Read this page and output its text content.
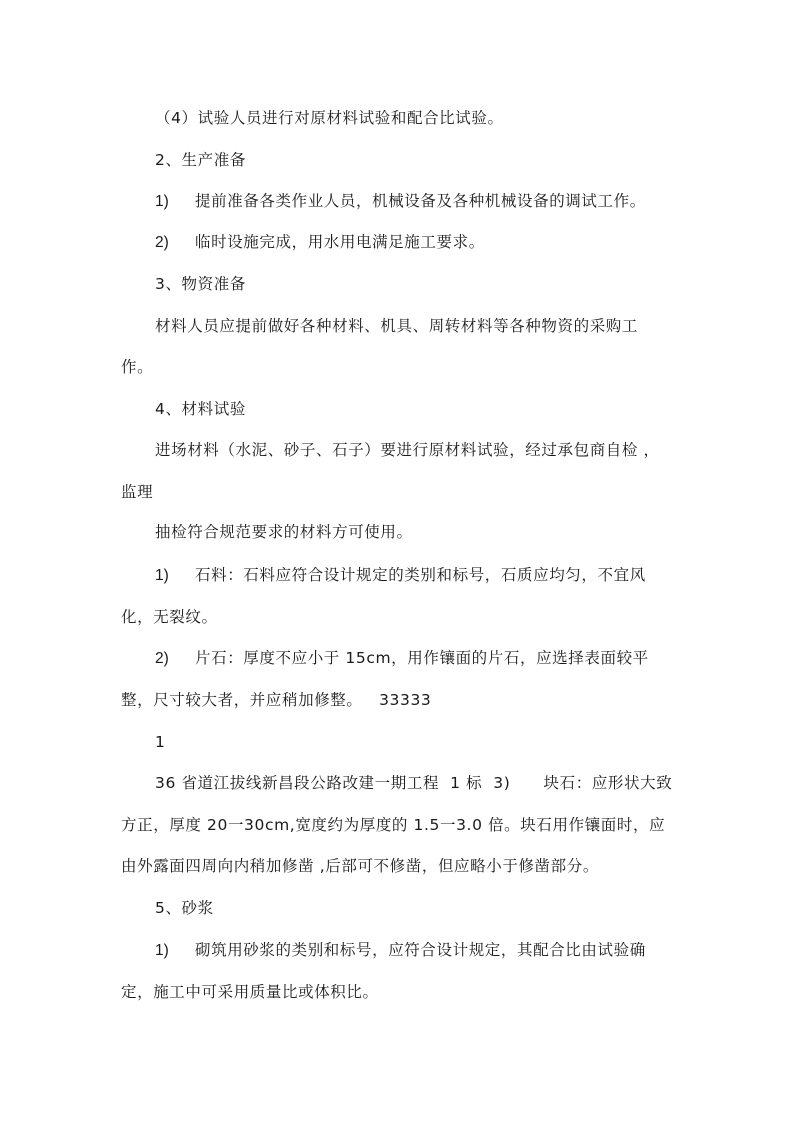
（4）试验人员进行对原材料试验和配合比试验。
2、生产准备
1) 提前准备各类作业人员，机械设备及各种机械设备的调试工作。
2) 临时设施完成，用水用电满足施工要求。
3、物资准备
材料人员应提前做好各种材料、机具、周转材料等各种物资的采购工
作。
4、材料试验
进场材料（水泥、砂子、石子）要进行原材料试验，经过承包商自检 ，
监理
抽检符合规范要求的材料方可使用。
1) 石料：石料应符合设计规定的类别和标号，石质应均匀，不宜风
化，无裂纹。
2) 片石：厚度不应小于 15cm，用作镶面的片石，应选择表面较平
整，尺寸较大者，并应稍加修整。   33333
1
36 省道江拔线新昌段公路改建一期工程  1 标  3)      块石：应形状大致
方正，厚度 20一30cm,宽度约为厚度的 1.5一3.0 倍。块石用作镶面时，应
由外露面四周向内稍加修凿 ,后部可不修凿，但应略小于修凿部分。
5、砂浆
1) 砌筑用砂浆的类别和标号，应符合设计规定，其配合比由试验确
定，施工中可采用质量比或体积比。
